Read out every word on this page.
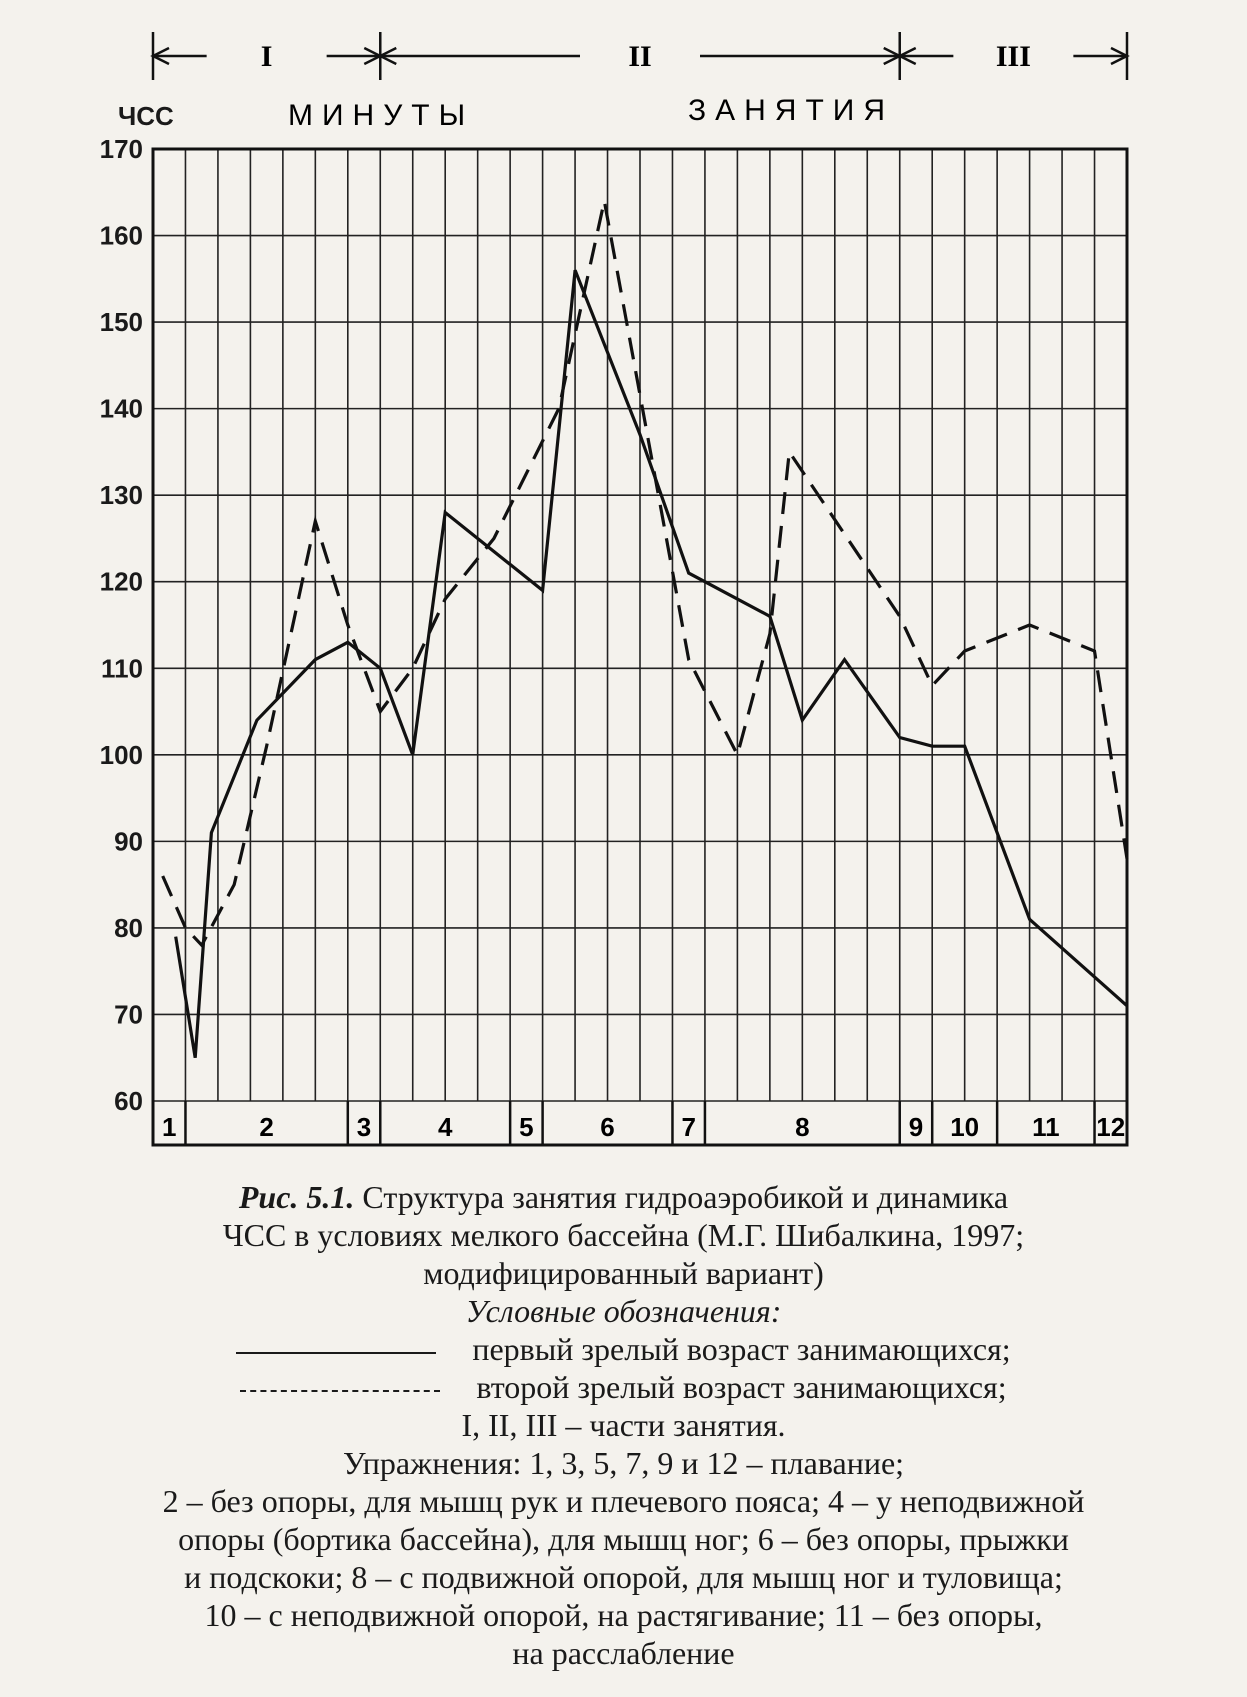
60
70
80
90
100
110
120
130
140
150
160
170
I	II	III
1	2	3	4	5	6	7	8	9 10 11 12
ЧСС	МИНУТЫ	ЗАНЯТИЯ
Рис. 5.1. Структура занятия гидроаэробикой и динамика
ЧСС в условиях мелкого бассейна (М.Г. Шибалкина, 1997;
модифицированный вариант)
Условные обозначения:
первый зрелый возраст занимающихся;
второй зрелый возраст занимающихся;
I, II, III – части занятия.
Упражнения: 1, 3, 5, 7, 9 и 12 – плавание;
2 – без опоры, для мышц рук и плечевого пояса; 4 – у неподвижной
опоры (бортика бассейна), для мышц ног; 6 – без опоры, прыжки
и подскоки; 8 – с подвижной опорой, для мышц ног и туловища;
10 – с неподвижной опорой, на растягивание; 11 – без опоры,
на расслабление
